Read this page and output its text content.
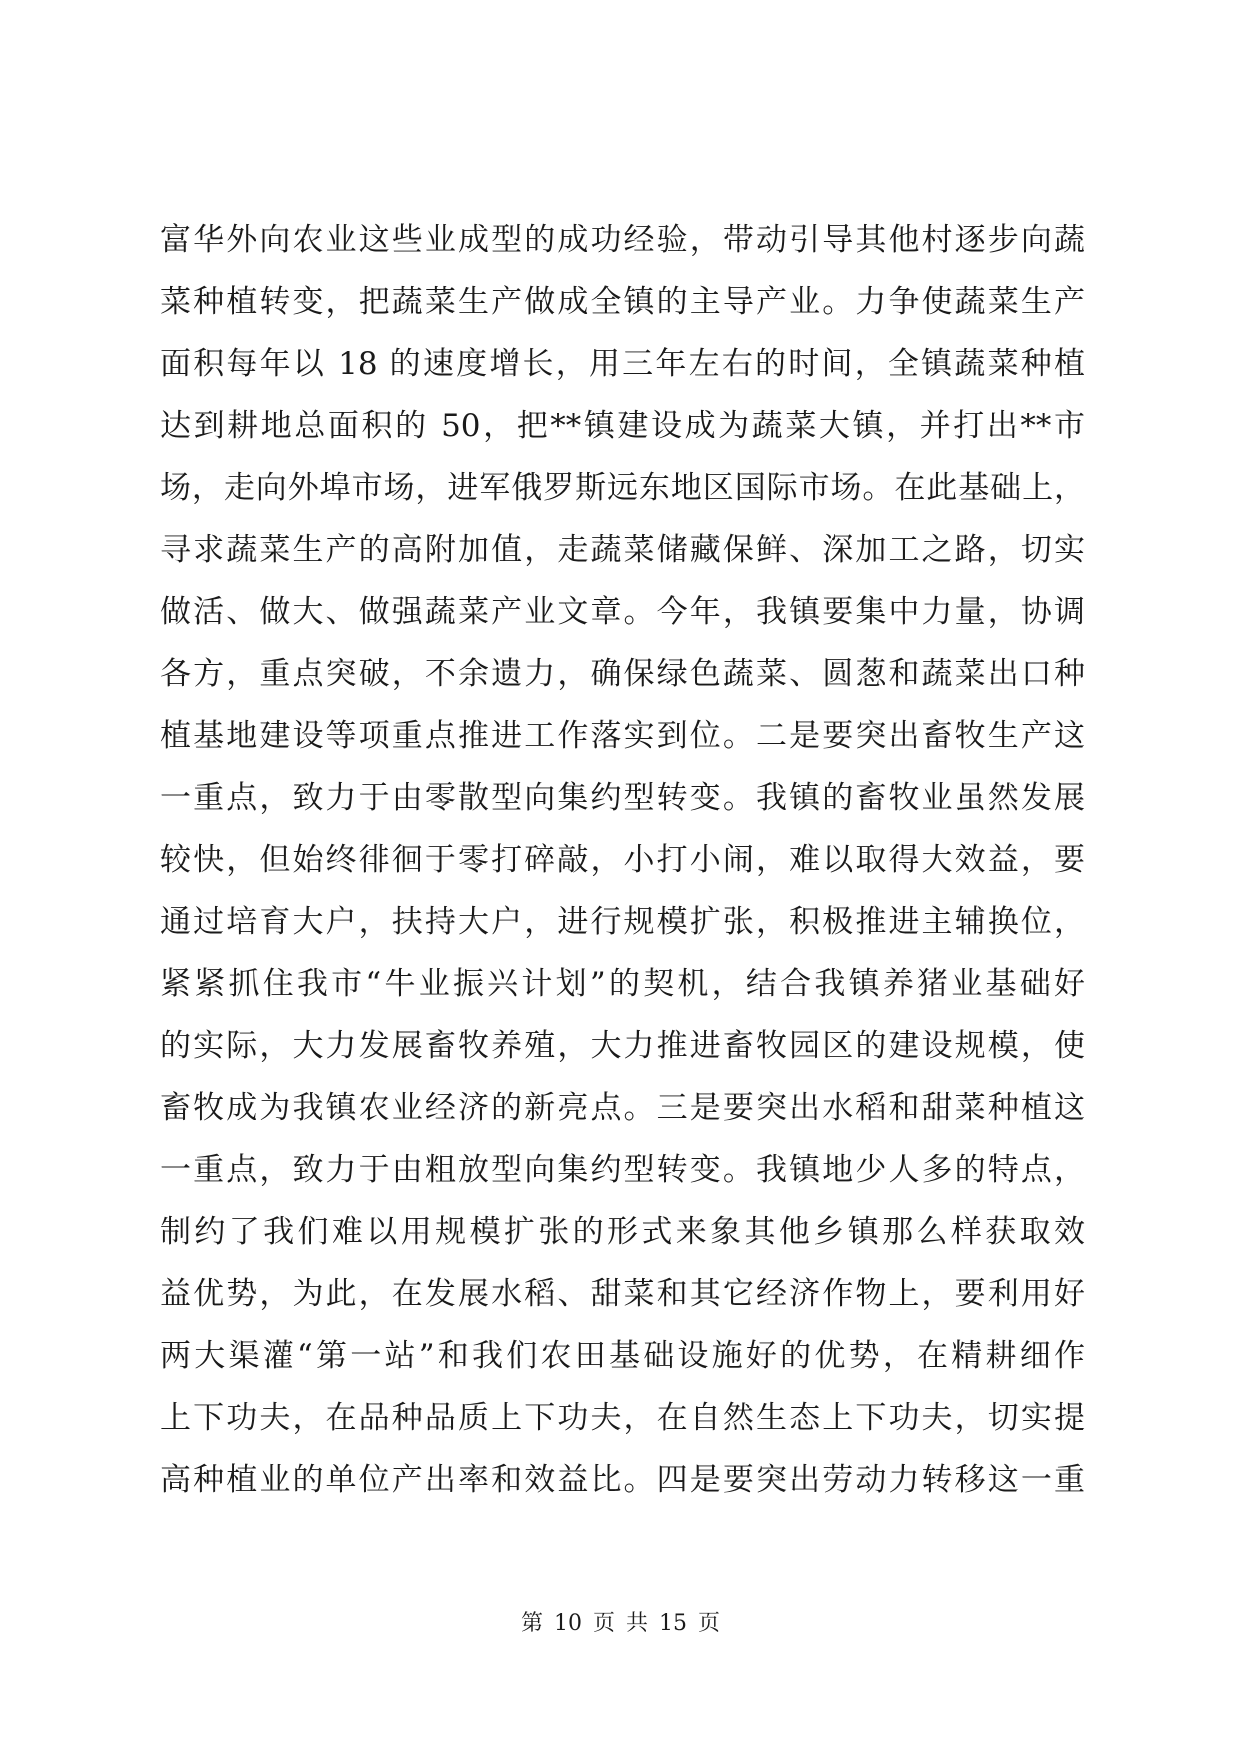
富华外向农业这些业成型的成功经验，带动引导其他村逐步向蔬
菜种植转变，把蔬菜生产做成全镇的主导产业。力争使蔬菜生产
面积每年以 18 的速度增长，用三年左右的时间，全镇蔬菜种植
达到耕地总面积的 50，把**镇建设成为蔬菜大镇，并打出**市
场，走向外埠市场，进军俄罗斯远东地区国际市场。在此基础上，
寻求蔬菜生产的高附加值，走蔬菜储藏保鲜、深加工之路，切实
做活、做大、做强蔬菜产业文章。今年，我镇要集中力量，协调
各方，重点突破，不余遗力，确保绿色蔬菜、圆葱和蔬菜出口种
植基地建设等项重点推进工作落实到位。二是要突出畜牧生产这
一重点，致力于由零散型向集约型转变。我镇的畜牧业虽然发展
较快，但始终徘徊于零打碎敲，小打小闹，难以取得大效益，要
通过培育大户，扶持大户，进行规模扩张，积极推进主辅换位，
紧紧抓住我市“牛业振兴计划”的契机，结合我镇养猪业基础好
的实际，大力发展畜牧养殖，大力推进畜牧园区的建设规模，使
畜牧成为我镇农业经济的新亮点。三是要突出水稻和甜菜种植这
一重点，致力于由粗放型向集约型转变。我镇地少人多的特点，
制约了我们难以用规模扩张的形式来象其他乡镇那么样获取效
益优势，为此，在发展水稻、甜菜和其它经济作物上，要利用好
两大渠灌“第一站”和我们农田基础设施好的优势，在精耕细作
上下功夫，在品种品质上下功夫，在自然生态上下功夫，切实提
高种植业的单位产出率和效益比。四是要突出劳动力转移这一重
第 10 页 共 15 页
